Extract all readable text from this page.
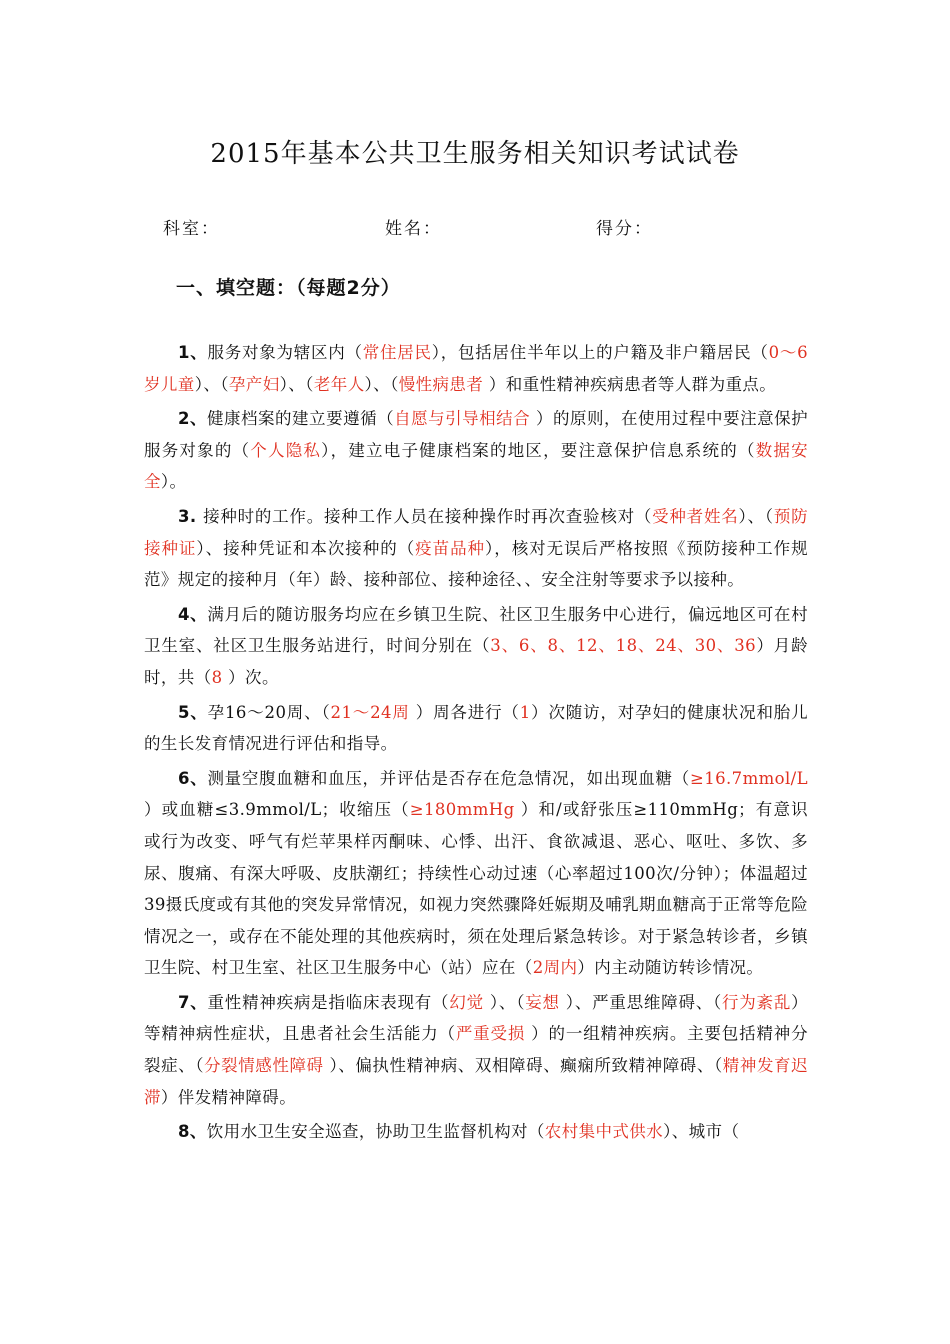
2015年基本公共卫生服务相关知识考试试卷
科室：	姓名：	得分：
一、填空题：（每题2分）

1、服务对象为辖区内（常住居民），包括居住半年以上的户籍及非户籍居民（0～6岁儿童）、（孕产妇）、（老年人）、（慢性病患者 ）和重性精神疾病患者等人群为重点。

2、健康档案的建立要遵循（自愿与引导相结合 ）的原则，在使用过程中要注意保护服务对象的（个人隐私），建立电子健康档案的地区，要注意保护信息系统的（数据安全）。

3. 接种时的工作。接种工作人员在接种操作时再次查验核对（受种者姓名）、（预防接种证）、接种凭证和本次接种的（疫苗品种），核对无误后严格按照《预防接种工作规范》规定的接种月（年）龄、接种部位、接种途径、、安全注射等要求予以接种。

4、满月后的随访服务均应在乡镇卫生院、社区卫生服务中心进行，偏远地区可在村卫生室、社区卫生服务站进行，时间分别在（3、6、8、12、18、24、30、36）月龄时，共（8 ）次。

5、孕16～20周、（21～24周 ）周各进行（1）次随访，对孕妇的健康状况和胎儿的生长发育情况进行评估和指导。

6、测量空腹血糖和血压，并评估是否存在危急情况，如出现血糖（≥16.7mmol/L ）或血糖≤3.9mmol/L；收缩压（≥180mmHg ）和/或舒张压≥110mmHg；有意识或行为改变、呼气有烂苹果样丙酮味、心悸、出汗、食欲减退、恶心、呕吐、多饮、多尿、腹痛、有深大呼吸、皮肤潮红；持续性心动过速（心率超过100次/分钟）；体温超过39摄氏度或有其他的突发异常情况，如视力突然骤降妊娠期及哺乳期血糖高于正常等危险情况之一，或存在不能处理的其他疾病时，须在处理后紧急转诊。对于紧急转诊者，乡镇卫生院、村卫生室、社区卫生服务中心（站）应在（2周内）内主动随访转诊情况。

7、重性精神疾病是指临床表现有（幻觉 ）、（妄想 ）、严重思维障碍、（行为紊乱）等精神病性症状，且患者社会生活能力（严重受损 ）的一组精神疾病。主要包括精神分裂症、（分裂情感性障碍 ）、偏执性精神病、双相障碍、癫痫所致精神障碍、（精神发育迟滞）伴发精神障碍。

8、饮用水卫生安全巡查，协助卫生监督机构对（农村集中式供水）、城市（
